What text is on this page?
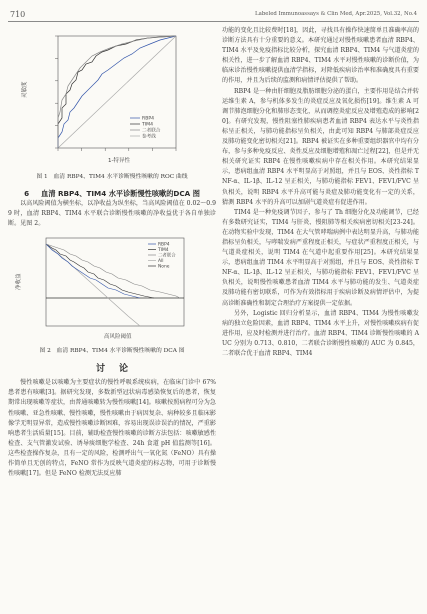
710	Labeled Immunoassays & Clin Med, Apr.2025, Vol.32, No.4
灵敏度
1-特异性
RBP4
TIM4
二者联合
参考线
图 1　血清 RBP4、TIM4 水平诊断慢性咳嗽的 ROC 曲线
6 血清 RBP4、TIM4 水平诊断慢性咳嗽的DCA 图

以高风险阈值为横坐标，以净收益为纵坐标，当高风险阈值在 0.02～0.99 时，血清 RBP4、TIM4 水平联合诊断慢性咳嗽的净收益优于各自单独诊断。见图 2。

净收益
高风险阈值
RBP4
TIM4
二者联合
All
None
图 2　血清 RBP4、TIM4 水平诊断慢性咳嗽的 DCA 图
讨论

慢性咳嗽是以咳嗽为主要症状的慢性呼吸系统疾病，在临床门诊中 67%患者患有咳嗽[3]。据研究发现，多数新型冠状病毒感染恢复后的患者，恢复期常出现咳嗽等症状，由普通咳嗽转为慢性咳嗽[14]。咳嗽按照病程可分为急性咳嗽、亚急性咳嗽、慢性咳嗽，慢性咳嗽由于病因复杂、病种较多且临床影像学无明显异常，造成慢性咳嗽诊断困难，容易出现误诊误治的情况，严重影响患者生活质量[15]。目前，辅助检查慢性咳嗽的诊断方法包括：咳嗽敏感性检查、支气管激发试验、诱导痰细胞学检查、24h 食道 pH 值监测等[16]。这些检查操作复杂，且有一定的风险，检测呼出气一氧化氮（FeNO）具有操作简单且无创的特点，FeNO 常作为反映气道炎症的标志物，可用于诊断慢性咳嗽[17]。但是 FeNO 检测无法反应肺

功能的变化且比较费时[18]，因此，寻找具有操作快速简单且准确率高的诊断方法具有十分重要的意义。本研究通过对慢性咳嗽患者血清 RBP4、TIM4 水平及免疫指标比较分析，探究血清 RBP4、TIM4 与气道炎症的相关性，进一步了解血清 RBP4、TIM4 水平对慢性咳嗽的诊断价值，为临床诊治慢性咳嗽提供血清学指标，对降低疾病诊治率和准确度具有重要的作用，并且为后续的监测和病情评估提供了帮助。

RBP4 是一种由肝细胞及脂肪细胞分泌的蛋白，主要作用是结合并转运维生素 A，参与机体多发生的炎症反应及氧化损伤[19]。维生素 A 可调节肺泡细胞分化和肺形态变化，从而调控炎症反应及增殖造成的影响[20]。有研究发现，慢性阻塞性肺疾病患者血清 RBP4 表达水平与炎性指标呈正相关，与肺功能指标呈负相关，由此可知 RBP4 与肺部炎症反应及肺功能变化密切相关[21]。RBP4 被证实在多种重要组织器官中均有分布，参与多种免疫反应、炎性反应及细胞增殖和凋亡过程[22]，但是并无相关研究证实 RBP4 在慢性咳嗽疾病中存在相关作用。本研究结果显示，患病组血清 RBP4 水平明显高于对照组，并且与 EOS、炎性指标 TNF-α、IL-1β、IL-12 呈正相关，与肺功能指标 FEV1、FEV1/FVC 呈负相关，说明 RBP4 水平升高可能与炎症及肺功能变化有一定的关系，猜测 RBP4 水平的升高可以加剧气道炎症有促进作用。

TIM4 是一种免疫调节因子，参与了 Th 细胞分化及功能调节，已经有多数研究证实，TIM4 与肝炎、慢阻肺等相关疾病密切相关[23-24]。在动物实验中发现，TIM4 在大气管哮喘病例中表达明显升高，与肺功能指标呈负相关，与哮喘发病严重程度正相关，与症状严重程度正相关，与气道炎症相关，说明 TIM4 在气道中起重要作用[25]。本研究结果显示，患病组血清 TIM4 水平明显高于对照组，并且与 EOS、炎性指标 TNF-α、IL-1β、IL-12 呈正相关，与肺功能指标 FEV1、FEV1/FVC 呈负相关，说明慢性咳嗽患者血清 TIM4 水平与肺功能的发生、气道炎症及肺功能有密切联系，可作为有效指标用于疾病诊断及病情评估中，为提高诊断准确性和制定合理治疗方案提供一定依据。

另外，Logistic 回归分析显示，血清 RBP4、TIM4 为慢性咳嗽发病的独立危险因素，血清 RBP4、TIM4 水平上升，对慢性咳嗽疾病有促进作用，应及时检测并进行治疗。血清 RBP4、TIM4 诊断慢性咳嗽的 AUC 分别为 0.713、0.810，二者联合诊断慢性咳嗽的 AUC 为 0.845，二者联合优于血清 RBP4、TIM4
